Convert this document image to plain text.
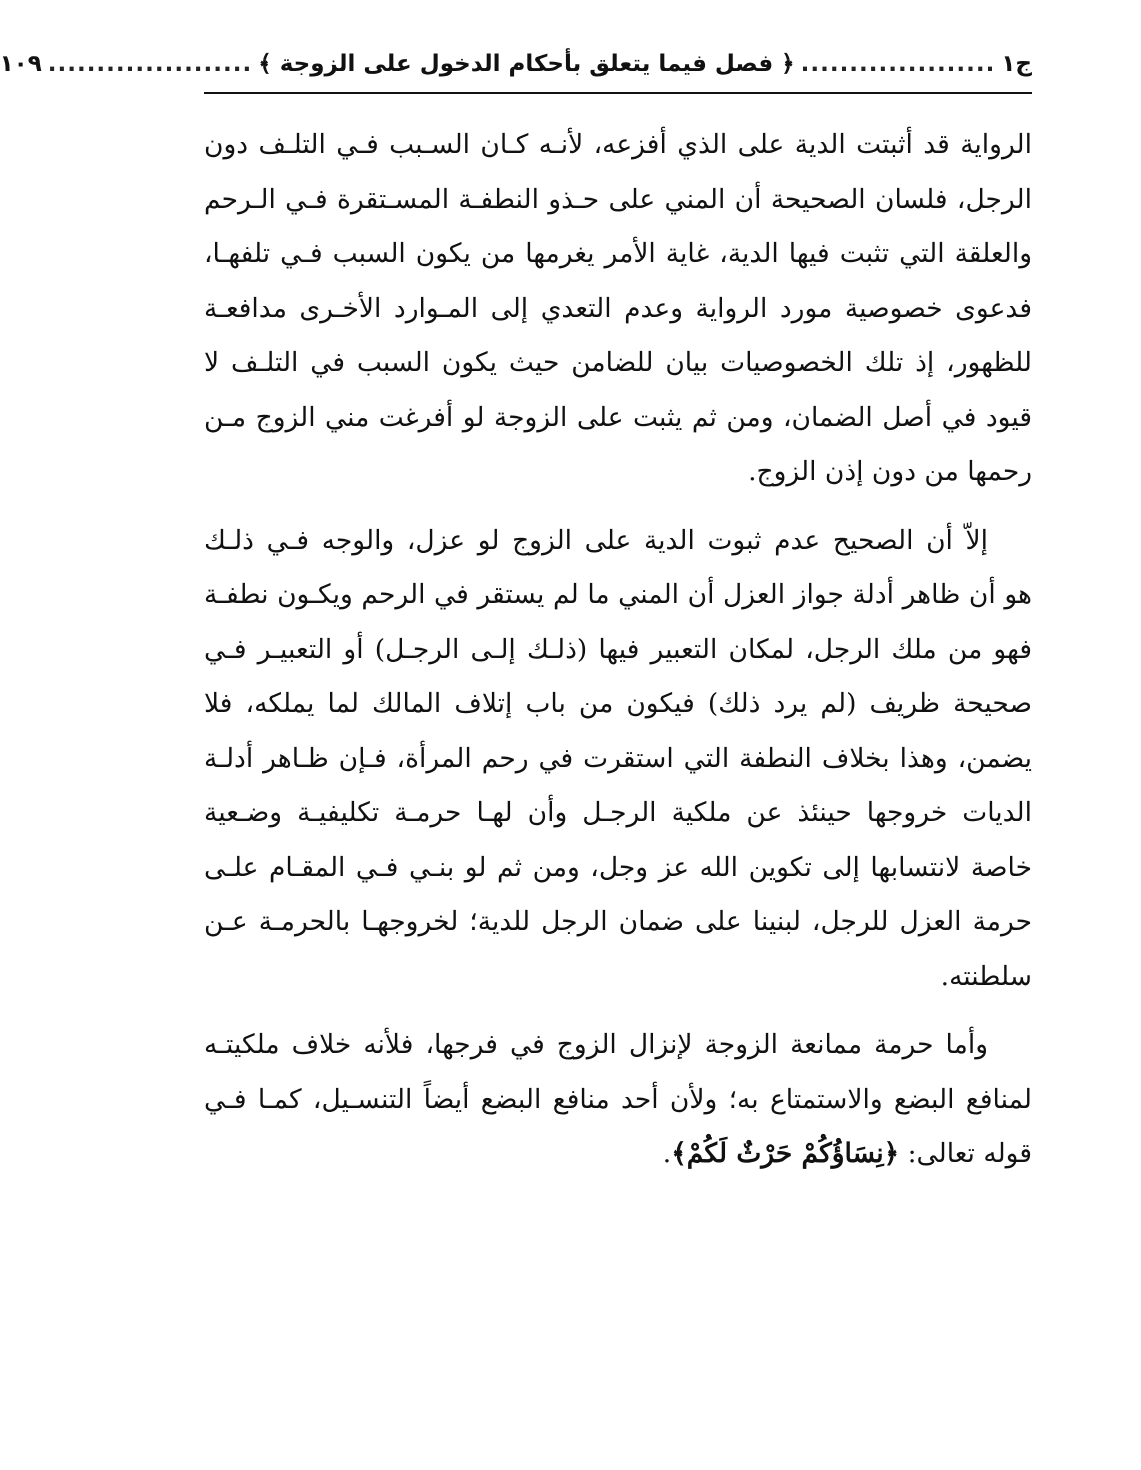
ج١
....................
﴿ فصل فيما يتعلق بأحكام الدخول على الزوجة ﴾
.....................
١٠٩
الرواية قد أثبتت الدية على الذي أفزعه، لأنـه كـان السـبب فـي التلـف دون
الرجل، فلسان الصحيحة أن المني على حـذو النطفـة المسـتقرة فـي الـرحم
والعلقة التي تثبت فيها الدية، غاية الأمر يغرمها من يكون السبب فـي تلفهـا،
فدعوى خصوصية مورد الرواية وعدم التعدي إلى المـوارد الأخـرى مدافعـة
للظهور، إذ تلك الخصوصيات بيان للضامن حيث يكون السبب في التلـف لا
قيود في أصل الضمان، ومن ثم يثبت على الزوجة لو أفرغت مني الزوج مـن
رحمها من دون إذن الزوج.
إلاّ أن الصحيح عدم ثبوت الدية على الزوج لو عزل، والوجه فـي ذلـك
هو أن ظاهر أدلة جواز العزل أن المني ما لم يستقر في الرحم ويكـون نطفـة
فهو من ملك الرجل، لمكان التعبير فيها (ذلـك إلـى الرجـل) أو التعبيـر فـي
صحيحة ظريف (لم يرد ذلك) فيكون من باب إتلاف المالك لما يملكه، فلا
يضمن، وهذا بخلاف النطفة التي استقرت في رحم المرأة، فـإن ظـاهر أدلـة
الديات خروجها حينئذ عن ملكية الرجـل وأن لهـا حرمـة تكليفيـة وضـعية
خاصة لانتسابها إلى تكوين الله عز وجل، ومن ثم لو بنـي فـي المقـام علـى
حرمة العزل للرجل، لبنينا على ضمان الرجل للدية؛ لخروجهـا بالحرمـة عـن
سلطنته.
وأما حرمة ممانعة الزوجة لإنزال الزوج في فرجها، فلأنه خلاف ملكيتـه
لمنافع البضع والاستمتاع به؛ ولأن أحد منافع البضع أيضاً التنسـيل، كمـا فـي
قوله تعالى: ﴿نِسَاؤُكُمْ حَرْثٌ لَكُمْ﴾.
